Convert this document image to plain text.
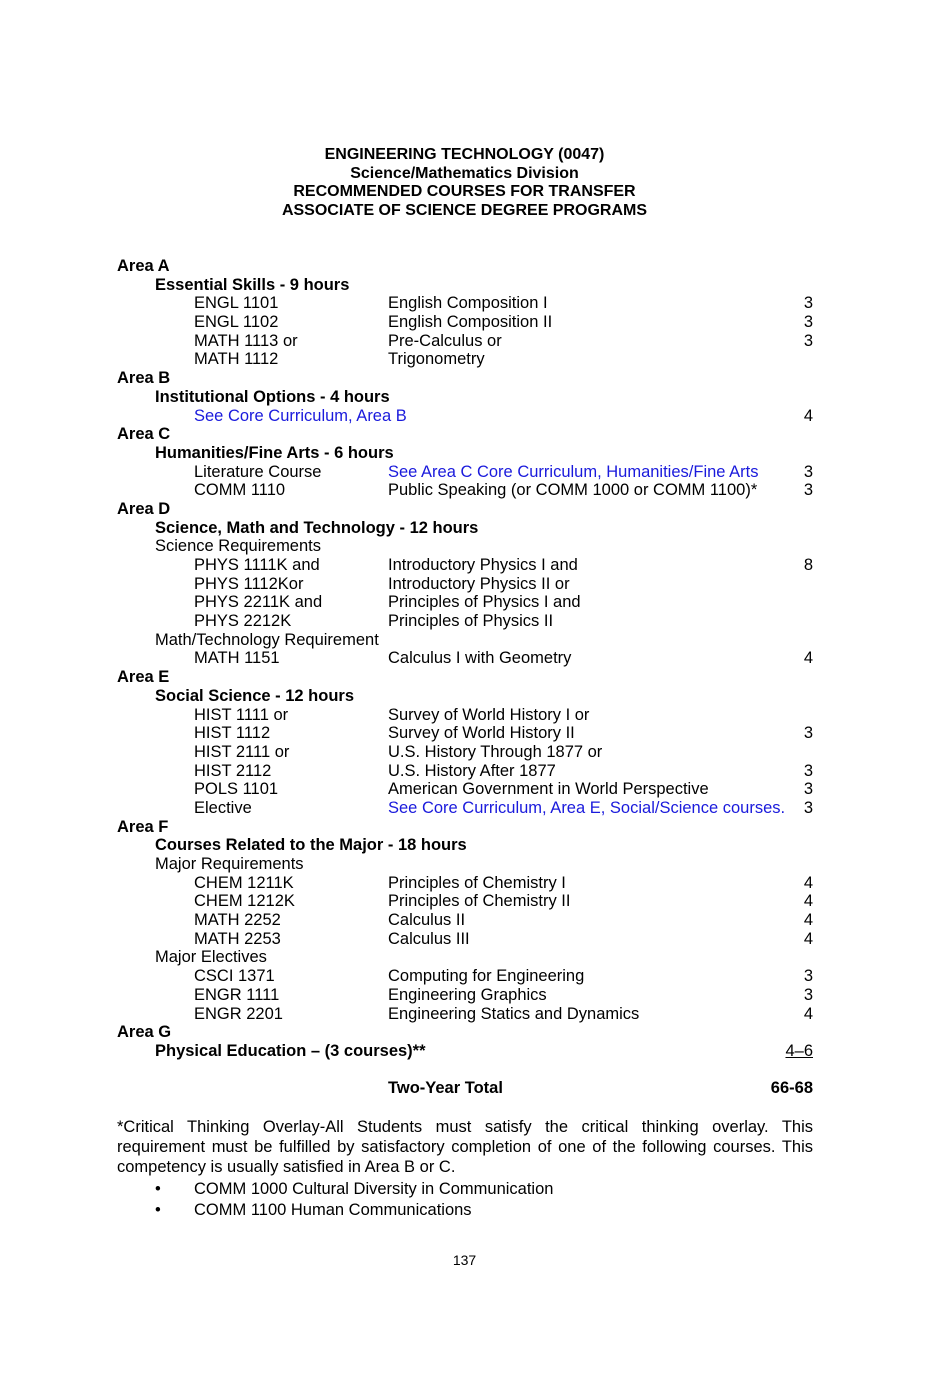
ENGINEERING TECHNOLOGY (0047)
Science/Mathematics Division
RECOMMENDED COURSES FOR TRANSFER
ASSOCIATE OF SCIENCE DEGREE PROGRAMS
Area A
Essential Skills - 9 hours
ENGL 1101	English Composition I	3
ENGL 1102	English Composition II	3
MATH 1113 or	Pre-Calculus or	3
MATH 1112	Trigonometry
Area B
Institutional Options - 4 hours
See Core Curriculum, Area B	4
Area C
Humanities/Fine Arts - 6 hours
Literature Course	See Area C Core Curriculum, Humanities/Fine Arts	3
COMM 1110	Public Speaking (or COMM 1000 or COMM 1100)*	3
Area D
Science, Math and Technology - 12 hours
Science Requirements
PHYS 1111K and	Introductory Physics I and	8
PHYS 1112Kor	Introductory Physics II or
PHYS 2211K and	Principles of Physics I and
PHYS 2212K	Principles of Physics II
Math/Technology Requirement
MATH 1151	Calculus I with Geometry	4
Area E
Social Science - 12 hours
HIST 1111 or	Survey of World History I or
HIST 1112	Survey of World History II	3
HIST 2111 or	U.S. History Through 1877 or
HIST 2112	U.S. History After 1877	3
POLS 1101	American Government in World Perspective	3
Elective	See Core Curriculum, Area E, Social/Science courses. 3
Area F
Courses Related to the Major - 18 hours
Major Requirements
CHEM 1211K	Principles of Chemistry I	4
CHEM 1212K	Principles of Chemistry II	4
MATH 2252	Calculus II	4
MATH 2253	Calculus III	4
Major Electives
CSCI 1371	Computing for Engineering	3
ENGR 1111	Engineering Graphics	3
ENGR 2201	Engineering Statics and Dynamics	4
Area G
Physical Education – (3 courses)**	4–6
Two-Year Total	66-68
*Critical Thinking Overlay-All Students must satisfy the critical thinking overlay. This requirement must be fulfilled by satisfactory completion of one of the following courses. This competency is usually satisfied in Area B or C.
• COMM 1000 Cultural Diversity in Communication
• COMM 1100 Human Communications
137
